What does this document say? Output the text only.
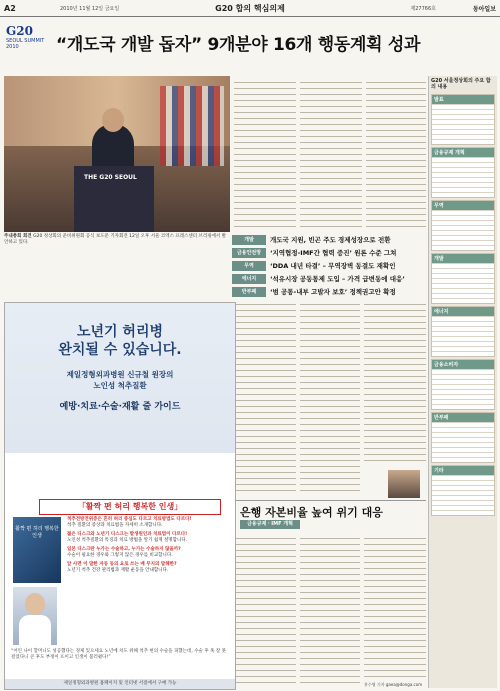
A2	2010년 11월 12일 금요일	G20 합의 핵심의제	제27766호	동아일보
G20
SEOUL SUMMIT 2010	“개도국 개발 돕자” 9개분야 16개 행동계획 성과
THE G20 SEOUL
주내총회 회견 G20 정상회의 준비위원회 공식 보도문 기자회견 12일 오후 서울 코엑스 프레스센터 브리핑에서 발언하고 있다.	개발	개도국 지원, 빈곤 주도 경제성장으로 전환
금융안전망	‘지역협정-IMF간 협력 증진’ 원론 수준 그쳐
무역	‘DDA 내년 타결’ – 무역장벽 동결도 재확인
에너지	‘석유시장 공동통제 도입 – 가격 급변동에 대응’
반부패	‘범 공통-내부 고발자 보호’ 정책권고안 확정
은행 자본비율 높여 위기 대응
금융규제ㆍIMF 개혁
홍수영 기자 gaea@donga.com
G20 서울정상회의 주요 합의 내용
발표
금융규제 개혁
무역
개발
에너지
금융소비자
반부패
기타
노년기 허리병
완치될 수 있습니다.
제일정형외과병원 신규철 원장의
노인성 척추질환
예방·치료·수술·재활 줄 가이드
「활짝 편 허리 행복한 인생」
활짝 편 허리 행복한 인생
척추전방전위증은 흔히 허리 중심도 다르고 치료방법도 다르다!
척추 질환의 증상과 치료법을 자세히 소개합니다.
젊은 디스크와 노년기 디스크는 발생원인과 치료법이 다르다!
노인성 척추질환의 특징과 치료 방법을 알기 쉽게 설명합니다.
일본 디스크란 누가는 수술하고, 누가는 수술하지 않을까?
수술이 필요한 경우와 그렇지 않은 경우를 비교합니다.
앞 사면 이 말한 자동 동의 요로 쓰는 배 무지의 말해한?
노년기 척추 건강 관리법과 재활 운동을 안내합니다.
“어린 나이 할머니도 성공했다는 경제 있으세요 노년에 치도 위해 척추 현의 수술을 피했는데, 수술 후 혹 잘 못 걸었다니 큰 후도 부정이 뜨이고 인생이 불러줬다!”
제일정형외과병원 홈페이지 및 인터넷 서점에서 구매 가능
